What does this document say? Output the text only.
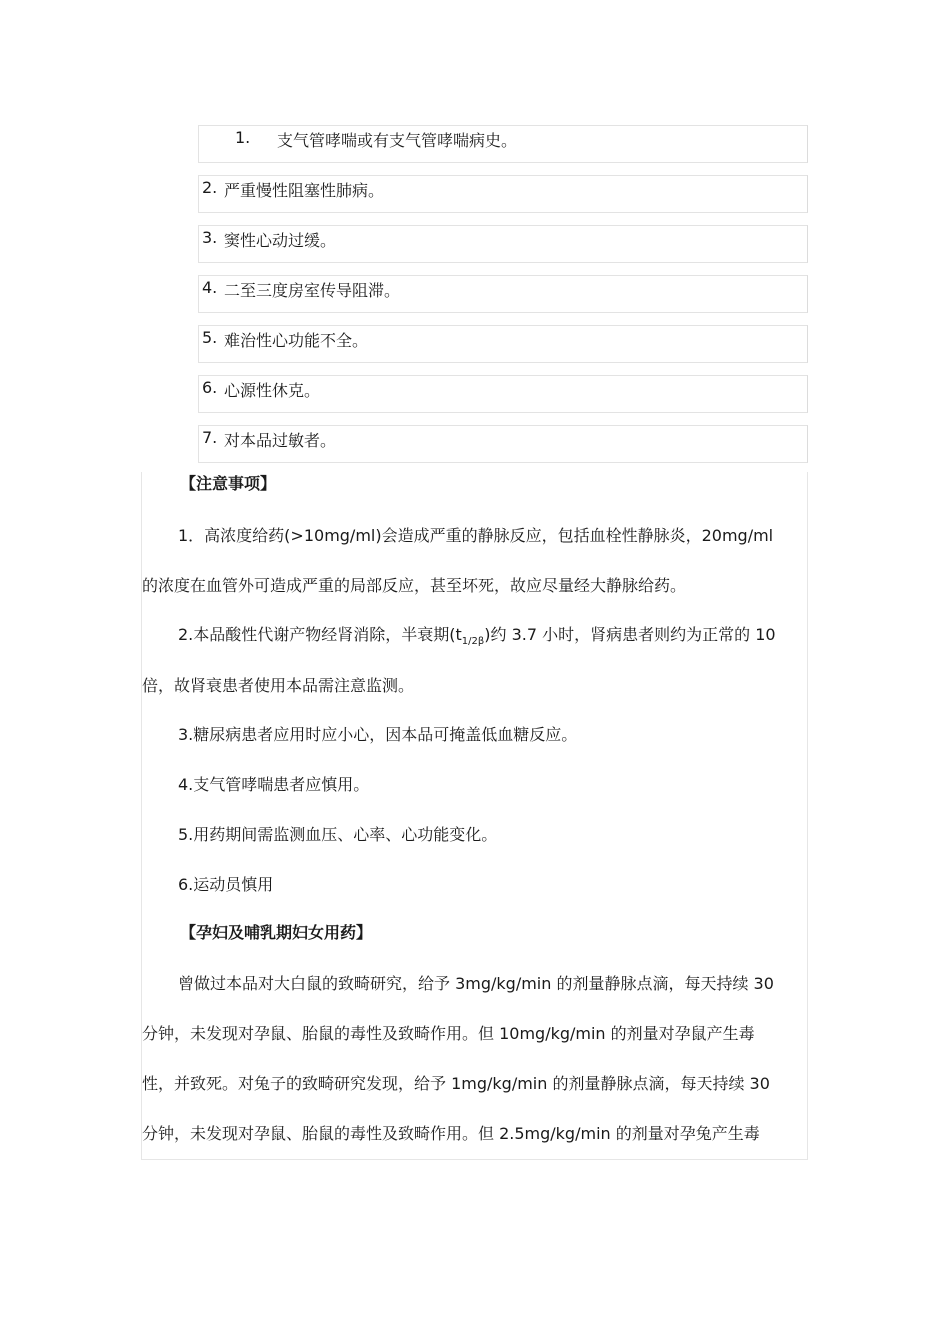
1.	支气管哮喘或有支气管哮喘病史。
2. 严重慢性阻塞性肺病。
3. 窦性心动过缓。
4. 二至三度房室传导阻滞。
5. 难治性心功能不全。
6. 心源性休克。
7. 对本品过敏者。
【注意事项】
1．高浓度给药(>10mg/ml)会造成严重的静脉反应，包括血栓性静脉炎，20mg/ml
的浓度在血管外可造成严重的局部反应，甚至坏死，故应尽量经大静脉给药。
2.本品酸性代谢产物经肾消除，半衰期$(t_{1/2\beta})$约 3.7 小时，肾病患者则约为正常的 10
倍，故肾衰患者使用本品需注意监测。
3.糖尿病患者应用时应小心，因本品可掩盖低血糖反应。
4.支气管哮喘患者应慎用。
5.用药期间需监测血压、心率、心功能变化。
6.运动员慎用
【孕妇及哺乳期妇女用药】
曾做过本品对大白鼠的致畸研究，给予 3mg/kg/min 的剂量静脉点滴，每天持续 30
分钟，未发现对孕鼠、胎鼠的毒性及致畸作用。但 10mg/kg/min 的剂量对孕鼠产生毒
性，并致死。对兔子的致畸研究发现，给予 1mg/kg/min 的剂量静脉点滴，每天持续 30
分钟，未发现对孕鼠、胎鼠的毒性及致畸作用。但 2.5mg/kg/min 的剂量对孕兔产生毒
